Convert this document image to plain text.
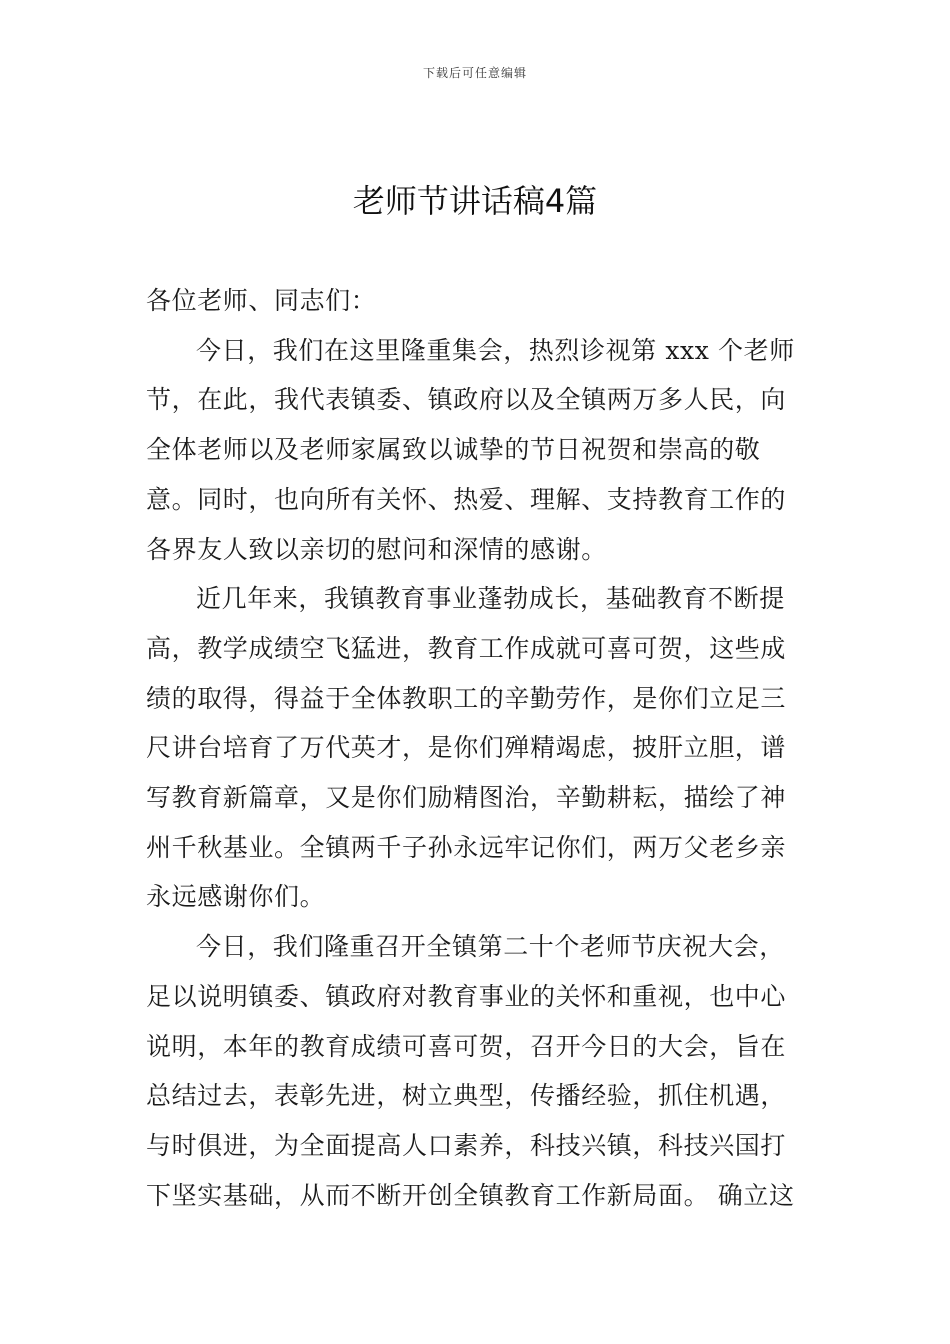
下载后可任意编辑
老师节讲话稿4篇

各位老师、同志们：

今日，我们在这里隆重集会，热烈诊视第 xxx 个老师节，在此，我代表镇委、镇政府以及全镇两万多人民，向全体老师以及老师家属致以诚挚的节日祝贺和崇高的敬意。同时，也向所有关怀、热爱、理解、支持教育工作的各界友人致以亲切的慰问和深情的感谢。

近几年来，我镇教育事业蓬勃成长，基础教育不断提高，教学成绩空飞猛进，教育工作成就可喜可贺，这些成绩的取得，得益于全体教职工的辛勤劳作，是你们立足三尺讲台培育了万代英才，是你们殚精竭虑，披肝立胆，谱写教育新篇章，又是你们励精图治，辛勤耕耘，描绘了神州千秋基业。全镇两千子孙永远牢记你们，两万父老乡亲永远感谢你们。

今日，我们隆重召开全镇第二十个老师节庆祝大会，足以说明镇委、镇政府对教育事业的关怀和重视，也中心说明，本年的教育成绩可喜可贺，召开今日的大会，旨在总结过去，表彰先进，树立典型，传播经验，抓住机遇，与时俱进，为全面提高人口素养，科技兴镇，科技兴国打下坚实基础，从而不断开创全镇教育工作新局面。 确立这
